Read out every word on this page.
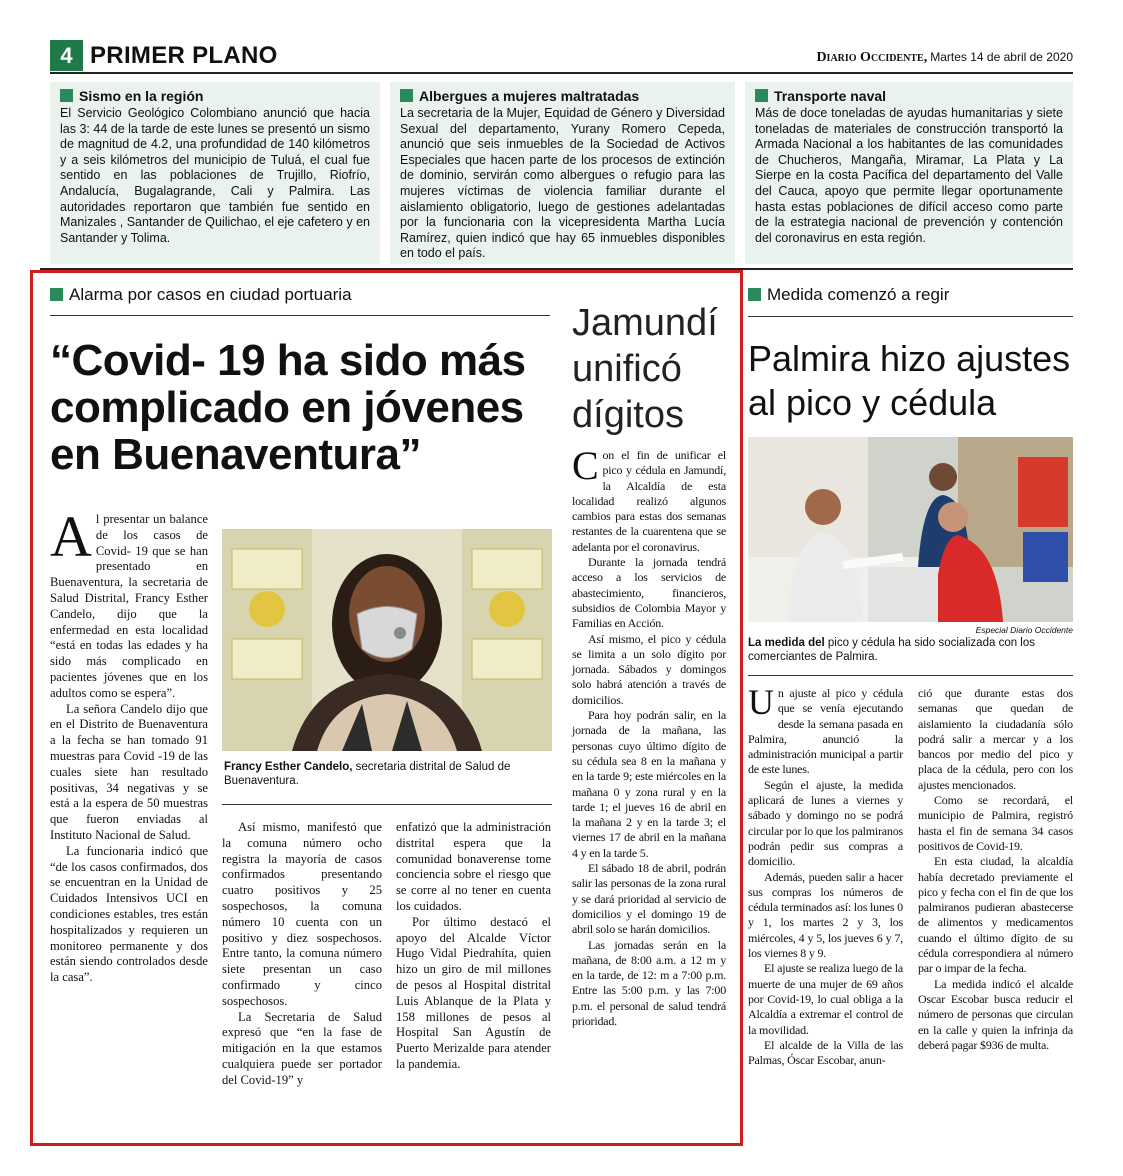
4 PRIMER PLANO	Diario Occidente, Martes 14 de abril de 2020
Sismo en la región
El Servicio Geológico Colombiano anunció que hacia las 3: 44 de la tarde de este lunes se presentó un sismo de magnitud de 4.2, una profundidad de 140 kilómetros y a seis kilómetros del municipio de Tuluá, el cual fue sentido en las poblaciones de Trujillo, Riofrío, Andalucía, Bugalagrande, Cali y Palmira. Las autoridades reportaron que también fue sentido en Manizales , Santander de Quilichao, el eje cafetero y en Santander y Tolima.
Albergues a mujeres maltratadas
La secretaria de la Mujer, Equidad de Género y Diversidad Sexual del departamento, Yurany Romero Cepeda, anunció que seis inmuebles de la Sociedad de Activos Especiales que hacen parte de los procesos de extinción de dominio, servirán como albergues o refugio para las mujeres víctimas de violencia familiar durante el aislamiento obligatorio, luego de gestiones adelantadas por la funcionaria con la vicepresidenta Martha Lucía Ramírez, quien indicó que hay 65 inmuebles disponibles en todo el país.
Transporte naval
Más de doce toneladas de ayudas humanitarias y siete toneladas de materiales de construcción transportó la Armada Nacional a los habitantes de las comunidades de Chucheros, Mangaña, Miramar, La Plata y La Sierpe en la costa Pacífica del departamento del Valle del Cauca, apoyo que permite llegar oportunamente hasta estas poblaciones de difícil acceso como parte de la estrategia nacional de prevención y contención del coronavirus en esta región.
Alarma por casos en ciudad portuaria
“Covid- 19 ha sido más complicado en jóvenes en Buenaventura”

Al presentar un balance de los casos de Covid- 19 que se han presentado en Buenaventura, la secretaria de Salud Distrital, Francy Esther Candelo, dijo que la enfermedad en esta localidad “está en todas las edades y ha sido más complicado en pacientes jóvenes que en los adultos como se espera”.

La señora Candelo dijo que en el Distrito de Buenaventura a la fecha se han tomado 91 muestras para Covid -19 de las cuales siete han resultado positivas, 34 negativas y se está a la espera de 50 muestras que fueron enviadas al Instituto Nacional de Salud.

La funcionaria indicó que “de los casos confirmados, dos se encuentran en la Unidad de Cuidados Intensivos UCI en condiciones estables, tres están hospitalizados y requieren un monitoreo permanente y dos están siendo controlados desde la casa”.

Francy Esther Candelo, secretaria distrital de Salud de Buenaventura.

Así mismo, manifestó que la comuna número ocho registra la mayoría de casos confirmados presentando cuatro positivos y 25 sospechosos, la comuna número 10 cuenta con un positivo y diez sospechosos. Entre tanto, la comuna número siete presentan un caso confirmado y cinco sospechosos.

La Secretaria de Salud expresó que “en la fase de mitigación en la que estamos cualquiera puede ser portador del Covid-19” y

enfatizó que la administración distrital espera que la comunidad bonaverense tome conciencia sobre el riesgo que se corre al no tener en cuenta los cuidados.

Por último destacó el apoyo del Alcalde Víctor Hugo Vidal Piedrahíta, quien hizo un giro de mil millones de pesos al Hospital distrital Luis Ablanque de la Plata y 158 millones de pesos al Hospital San Agustín de Puerto Merizalde para atender la pandemia.

Jamundí unificó dígitos

Con el fin de unificar el pico y cédula en Jamundí, la Alcaldía de esta localidad realizó algunos cambios para estas dos semanas restantes de la cuarentena que se adelanta por el coronavirus.

Durante la jornada tendrá acceso a los servicios de abastecimiento, financieros, subsidios de Colombia Mayor y Familias en Acción.

Así mismo, el pico y cédula se limita a un solo dígito por jornada. Sábados y domingos solo habrá atención a través de domicilios.

Para hoy podrán salir, en la jornada de la mañana, las personas cuyo último dígito de su cédula sea 8 en la mañana y en la tarde 9; este miércoles en la mañana 0 y zona rural y en la tarde 1; el jueves 16 de abril en la mañana 2 y en la tarde 3; el viernes 17 de abril en la mañana 4 y en la tarde 5.

El sábado 18 de abril, podrán salir las personas de la zona rural y se dará prioridad al servicio de domicilios y el domingo 19 de abril solo se harán domicilios.

Las jornadas serán en la mañana, de 8:00 a.m. a 12 m y en la tarde, de 12: m a 7:00 p.m. Entre las 5:00 p.m. y las 7:00 p.m. el personal de salud tendrá prioridad.

Medida comenzó a regir
Palmira hizo ajustes al pico y cédula
Especial Diario Occidente
La medida del pico y cédula ha sido socializada con los comerciantes de Palmira.

Un ajuste al pico y cédula que se venía ejecutando desde la semana pasada en Palmira, anunció la administración municipal a partir de este lunes.

Según el ajuste, la medida aplicará de lunes a viernes y sábado y domingo no se podrá circular por lo que los palmiranos podrán pedir sus compras a domicilio.

Además, pueden salir a hacer sus compras los números de cédula terminados así: los lunes 0 y 1, los martes 2 y 3, los miércoles, 4 y 5, los jueves 6 y 7, los viernes 8 y 9.

El ajuste se realiza luego de la muerte de una mujer de 69 años por Covid-19, lo cual obliga a la Alcaldía a extremar el control de la movilidad.

El alcalde de la Villa de las Palmas, Óscar Escobar, anun-

ció que durante estas dos semanas que quedan de aislamiento la ciudadanía sólo podrá salir a mercar y a los bancos por medio del pico y placa de la cédula, pero con los ajustes mencionados.

Como se recordará, el municipio de Palmira, registró hasta el fin de semana 34 casos positivos de Covid-19.

En esta ciudad, la alcaldía había decretado previamente el pico y fecha con el fin de que los palmiranos pudieran abastecerse de alimentos y medicamentos cuando el último dígito de su cédula correspondiera al número par o impar de la fecha.

La medida indicó el alcalde Oscar Escobar busca reducir el número de personas que circulan en la calle y quien la infrinja da deberá pagar $936 de multa.
